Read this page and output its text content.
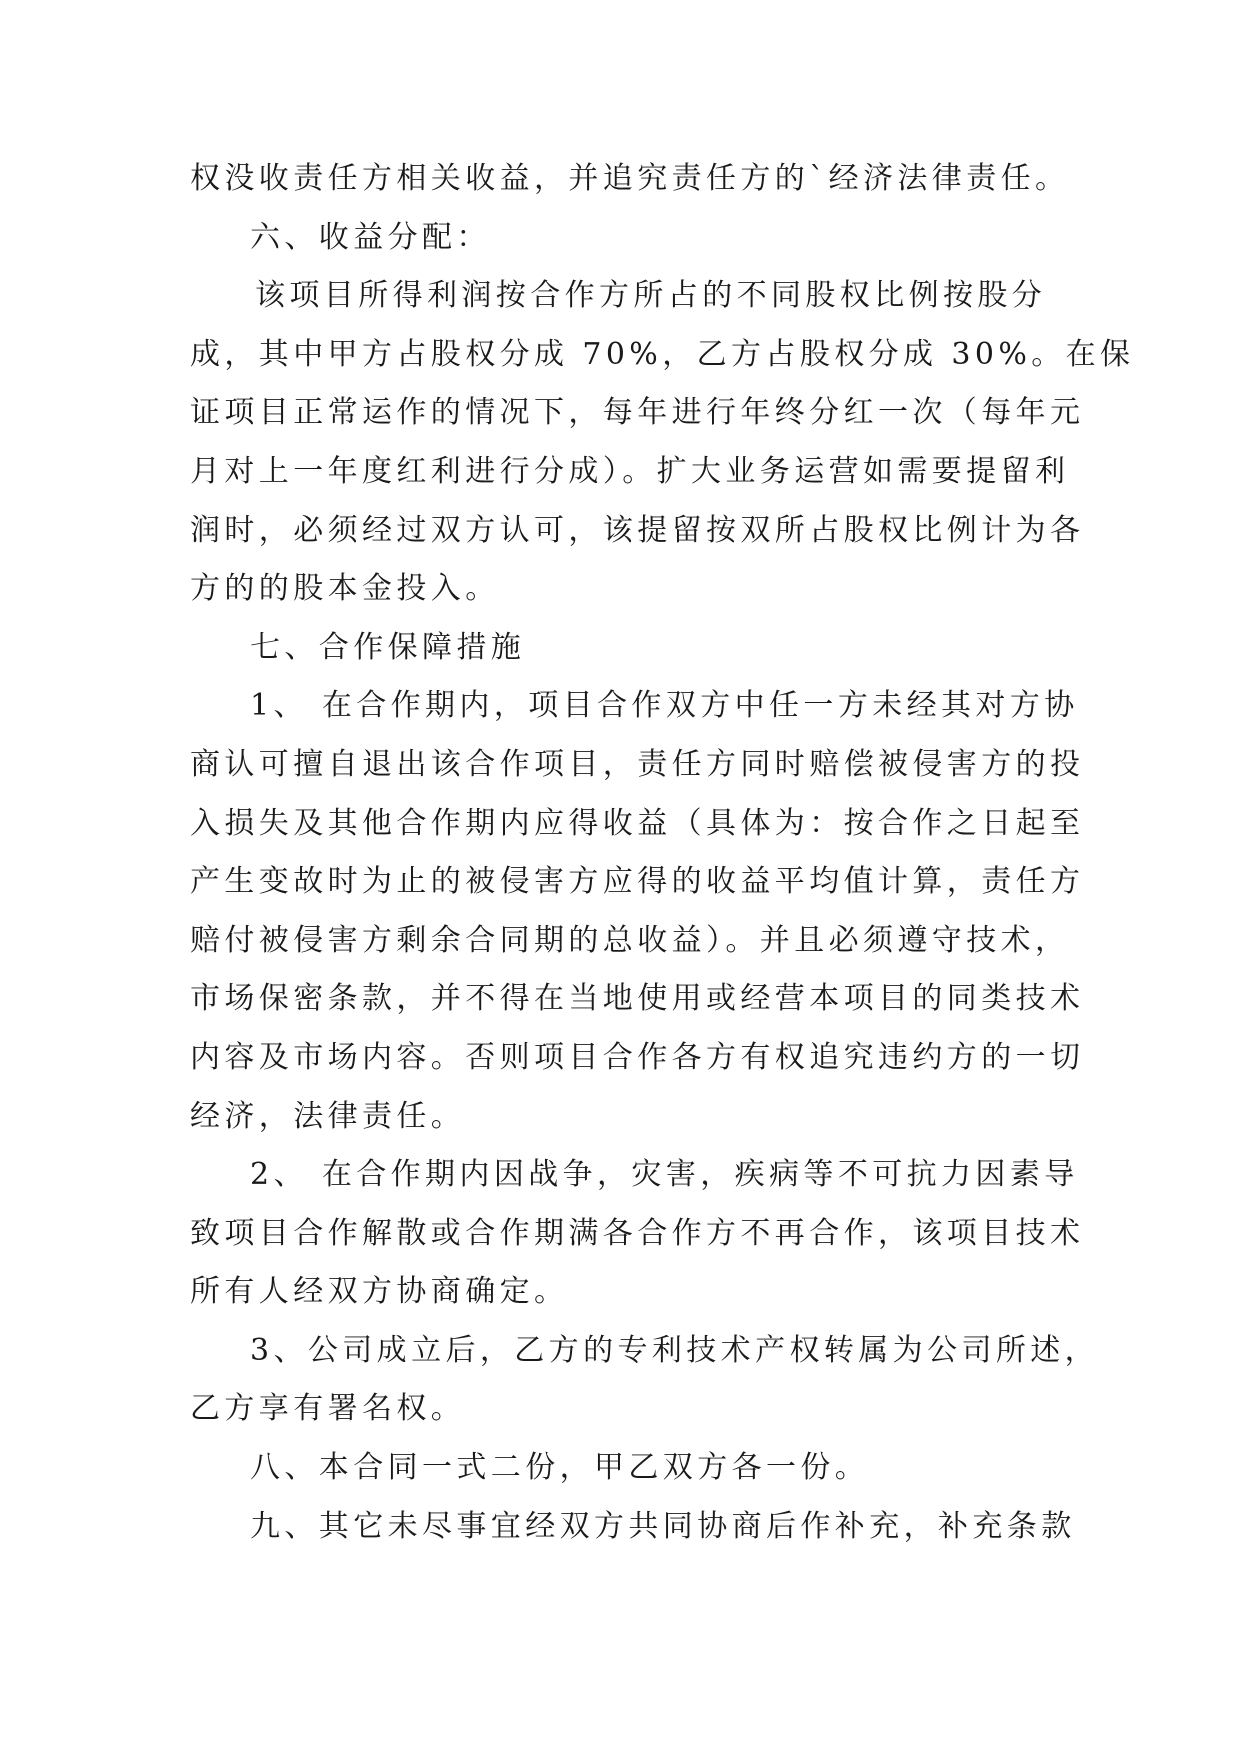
权没收责任方相关收益，并追究责任方的`经济法律责任。
六、收益分配：
该项目所得利润按合作方所占的不同股权比例按股分
成，其中甲方占股权分成 70%，乙方占股权分成 30%。在保
证项目正常运作的情况下，每年进行年终分红一次（每年元
月对上一年度红利进行分成）。扩大业务运营如需要提留利
润时，必须经过双方认可，该提留按双所占股权比例计为各
方的的股本金投入。
七、合作保障措施
1、 在合作期内，项目合作双方中任一方未经其对方协
商认可擅自退出该合作项目，责任方同时赔偿被侵害方的投
入损失及其他合作期内应得收益（具体为：按合作之日起至
产生变故时为止的被侵害方应得的收益平均值计算，责任方
赔付被侵害方剩余合同期的总收益）。并且必须遵守技术，
市场保密条款，并不得在当地使用或经营本项目的同类技术
内容及市场内容。否则项目合作各方有权追究违约方的一切
经济，法律责任。
2、 在合作期内因战争，灾害，疾病等不可抗力因素导
致项目合作解散或合作期满各合作方不再合作，该项目技术
所有人经双方协商确定。
3、公司成立后，乙方的专利技术产权转属为公司所述，
乙方享有署名权。
八、本合同一式二份，甲乙双方各一份。
九、其它未尽事宜经双方共同协商后作补充，补充条款
